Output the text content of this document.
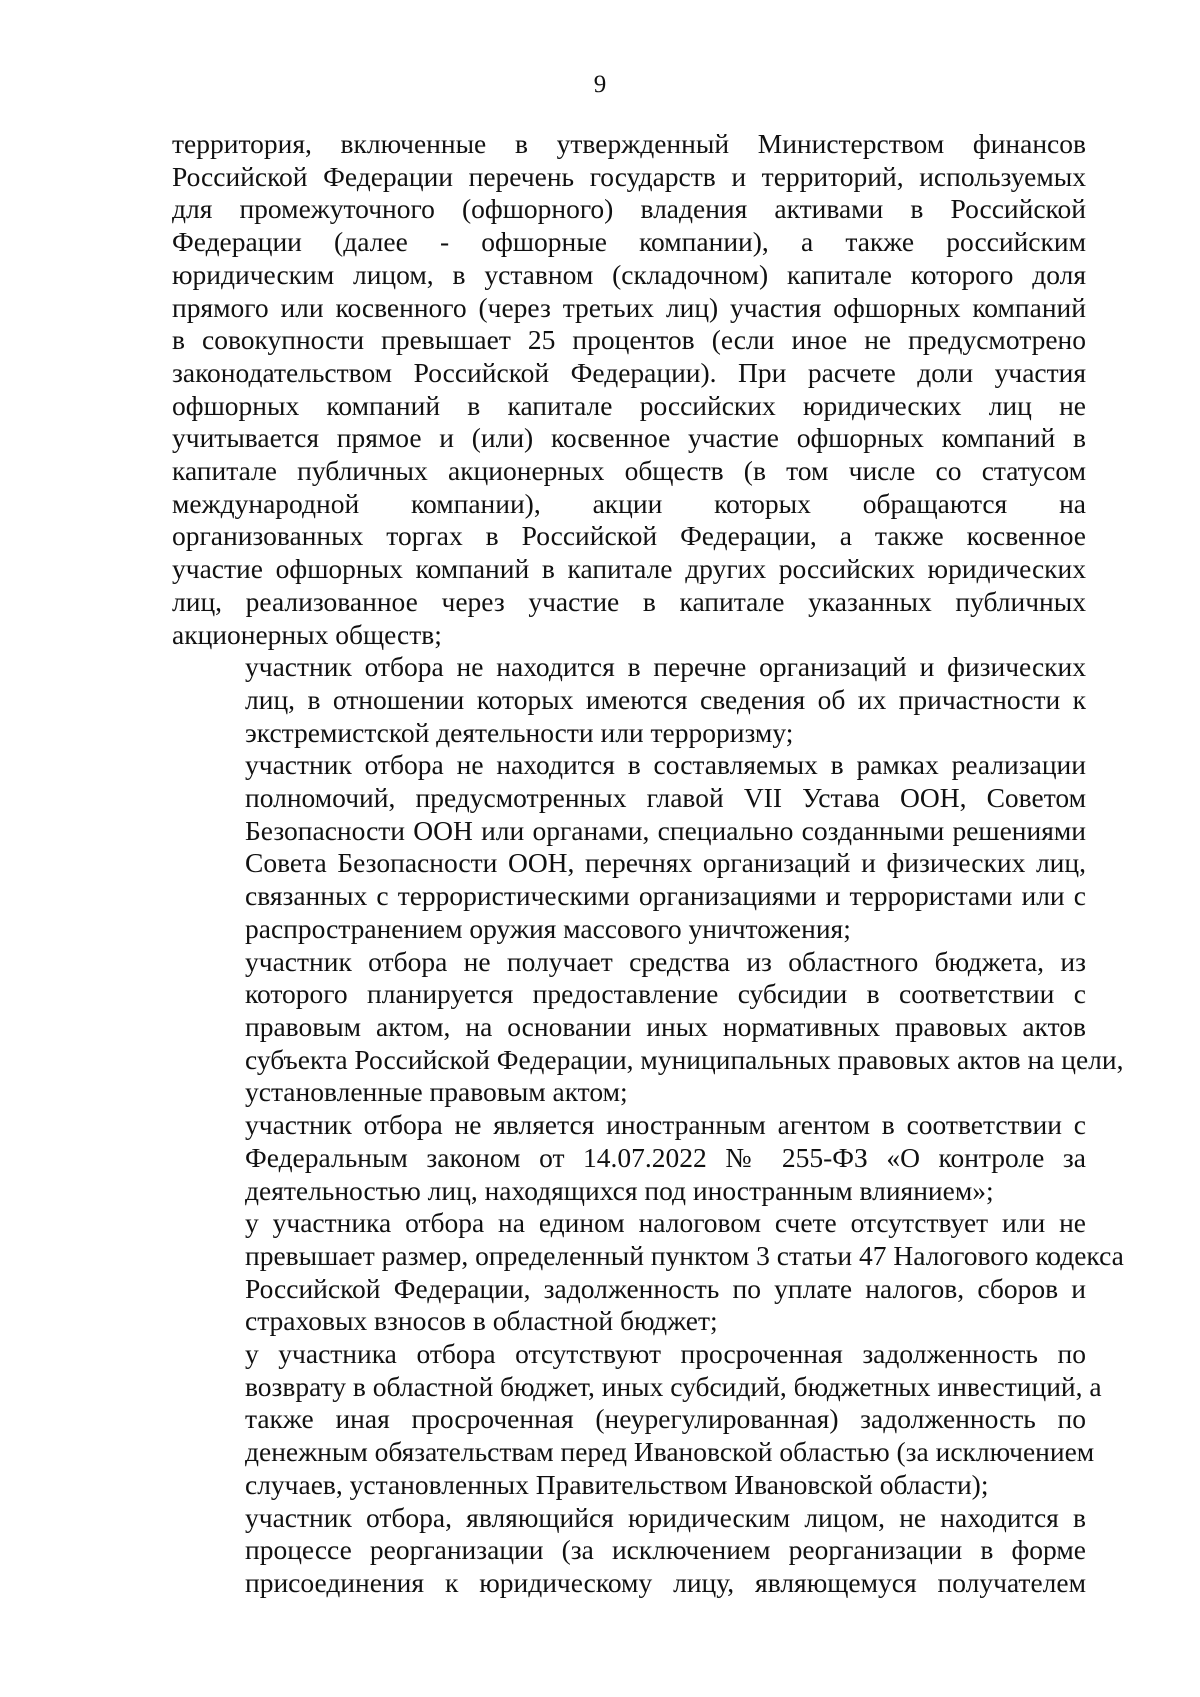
9

территория, включенные в утвержденный Министерством финансов
Российской Федерации перечень государств и территорий, используемых
для промежуточного (офшорного) владения активами в Российской
Федерации (далее - офшорные компании), а также российским
юридическим лицом, в уставном (складочном) капитале которого доля
прямого или косвенного (через третьих лиц) участия офшорных компаний
в совокупности превышает 25 процентов (если иное не предусмотрено
законодательством Российской Федерации). При расчете доли участия
офшорных компаний в капитале российских юридических лиц не
учитывается прямое и (или) косвенное участие офшорных компаний в
капитале публичных акционерных обществ (в том числе со статусом
международной компании), акции которых обращаются на
организованных торгах в Российской Федерации, а также косвенное
участие офшорных компаний в капитале других российских юридических
лиц, реализованное через участие в капитале указанных публичных
акционерных обществ;

участник отбора не находится в перечне организаций и физических
лиц, в отношении которых имеются сведения об их причастности к
экстремистской деятельности или терроризму;

участник отбора не находится в составляемых в рамках реализации
полномочий, предусмотренных главой VII Устава ООН, Советом
Безопасности ООН или органами, специально созданными решениями
Совета Безопасности ООН, перечнях организаций и физических лиц,
связанных с террористическими организациями и террористами или с
распространением оружия массового уничтожения;

участник отбора не получает средства из областного бюджета, из
которого планируется предоставление субсидии в соответствии с
правовым актом, на основании иных нормативных правовых актов
субъекта Российской Федерации, муниципальных правовых актов на цели,
установленные правовым актом;

участник отбора не является иностранным агентом в соответствии с
Федеральным законом от 14.07.2022 № 255-ФЗ «О контроле за
деятельностью лиц, находящихся под иностранным влиянием»;

у участника отбора на едином налоговом счете отсутствует или не
превышает размер, определенный пунктом 3 статьи 47 Налогового кодекса
Российской Федерации, задолженность по уплате налогов, сборов и
страховых взносов в областной бюджет;

у участника отбора отсутствуют просроченная задолженность по
возврату в областной бюджет, иных субсидий, бюджетных инвестиций, а
также иная просроченная (неурегулированная) задолженность по
денежным обязательствам перед Ивановской областью (за исключением
случаев, установленных Правительством Ивановской области);

участник отбора, являющийся юридическим лицом, не находится в
процессе реорганизации (за исключением реорганизации в форме
присоединения к юридическому лицу, являющемуся получателем
